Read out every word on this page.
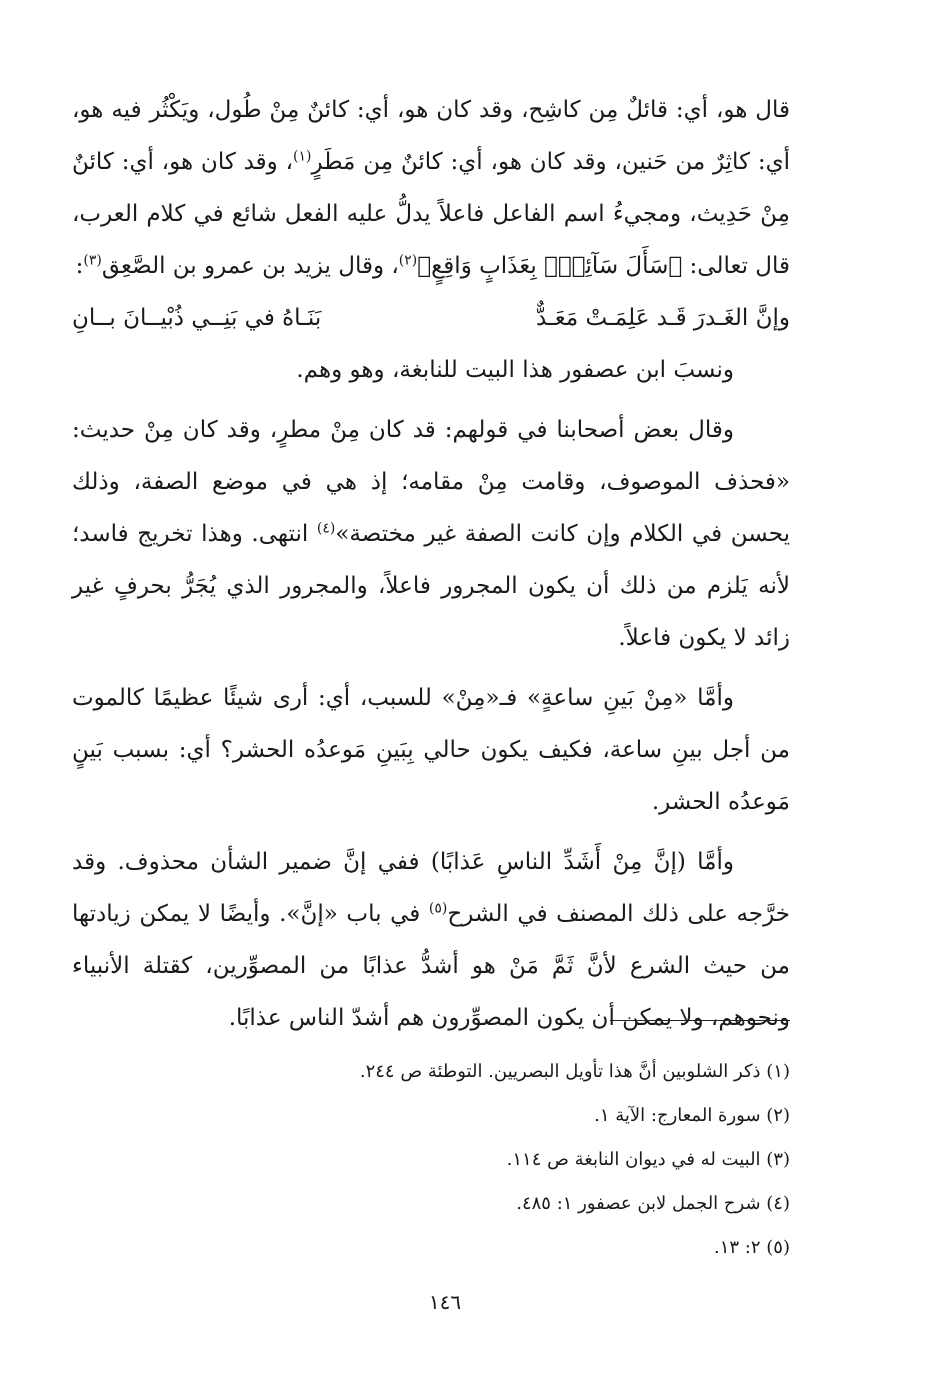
قال هو، أي: قائلٌ مِن كاشِح، وقد كان هو، أي: كائنٌ مِنْ طُول، ويَكْثُر فيه هو، أي: كاثِرٌ من حَنين، وقد كان هو، أي: كائنٌ مِن مَطَرٍ$^{(١)}$، وقد كان هو، أي: كائنٌ مِنْ حَدِيث، ومجيءُ اسم الفاعل فاعلاً يدلُّ عليه الفعل شائع في كلام العرب، قال تعالى: ﴿سَأَلَ سَآئِلٌۢ بِعَذَابٍ وَاقِعٍ﴾$^{(٢)}$، وقال يزيد بن عمرو بن الصَّعِق$^{(٣)}$:

وإنَّ الغَـدرَ قَـد عَلِمَـتْ مَعَـدٌّ
بَنَـاهُ في بَنِــي ذُبْيــانَ بــانِ

ونسبَ ابن عصفور هذا البيت للنابغة، وهو وهم.

وقال بعض أصحابنا في قولهم: قد كان مِنْ مطرٍ، وقد كان مِنْ حديث: «فحذف الموصوف، وقامت مِنْ مقامه؛ إذ هي في موضع الصفة، وذلك يحسن في الكلام وإن كانت الصفة غير مختصة»$^{(٤)}$ انتهى. وهذا تخريج فاسد؛ لأنه يَلزم من ذلك أن يكون المجرور فاعلاً، والمجرور الذي يُجَرُّ بحرفٍ غير زائد لا يكون فاعلاً.

وأمَّا «مِنْ بَينِ ساعةٍ» فـ«مِنْ» للسبب، أي: أرى شيئًا عظيمًا كالموت من أجل بينِ ساعة، فكيف يكون حالي بِبَينِ مَوعدُه الحشر؟ أي: بسبب بَينٍ مَوعدُه الحشر.

وأمَّا (إنَّ مِنْ أَشَدِّ الناسِ عَذابًا) ففي إنَّ ضمير الشأن محذوف. وقد خرَّجه على ذلك المصنف في الشرح$^{(٥)}$ في باب «إنَّ». وأيضًا لا يمكن زيادتها من حيث الشرع لأنَّ ثَمَّ مَنْ هو أشدُّ عذابًا من المصوِّرين، كقتلة الأنبياء ونحوهم، ولا يمكن أن يكون المصوِّرون هم أشدّ الناس عذابًا.

(١) ذكر الشلوبين أنَّ هذا تأويل البصريين. التوطئة ص ٢٤٤.
(٢) سورة المعارج: الآية ١.
(٣) البيت له في ديوان النابغة ص ١١٤.
(٤) شرح الجمل لابن عصفور ١: ٤٨٥.
(٥) ٢: ١٣.
١٤٦
